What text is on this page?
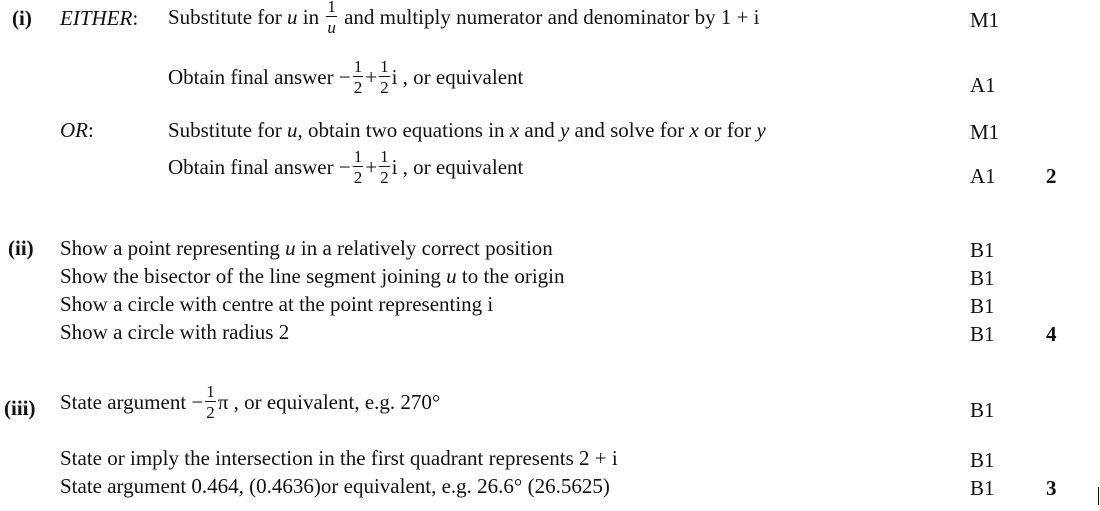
(i) EITHER: Substitute for u in $\frac{1}{u}$ and multiply numerator and denominator by 1 + i	M1
Obtain final answer − $\frac{1}{2} + \frac{1}{2}$ i , or equivalent	A1
OR:	Substitute for u, obtain two equations in x and y and solve for x or for y	M1
Obtain final answer − $\frac{1}{2} + \frac{1}{2}$ i , or equivalent	A1	2
(ii) Show a point representing u in a relatively correct position	B1
Show the bisector of the line segment joining u to the origin	B1
Show a circle with centre at the point representing i	B1
Show a circle with radius 2	B1	4
(iii) State argument − $\frac{1}{2}$ π , or equivalent, e.g. 270°	B1
State or imply the intersection in the first quadrant represents 2 + i	B1
State argument 0.464, (0.4636)or equivalent, e.g. 26.6° (26.5625)	B1	3
